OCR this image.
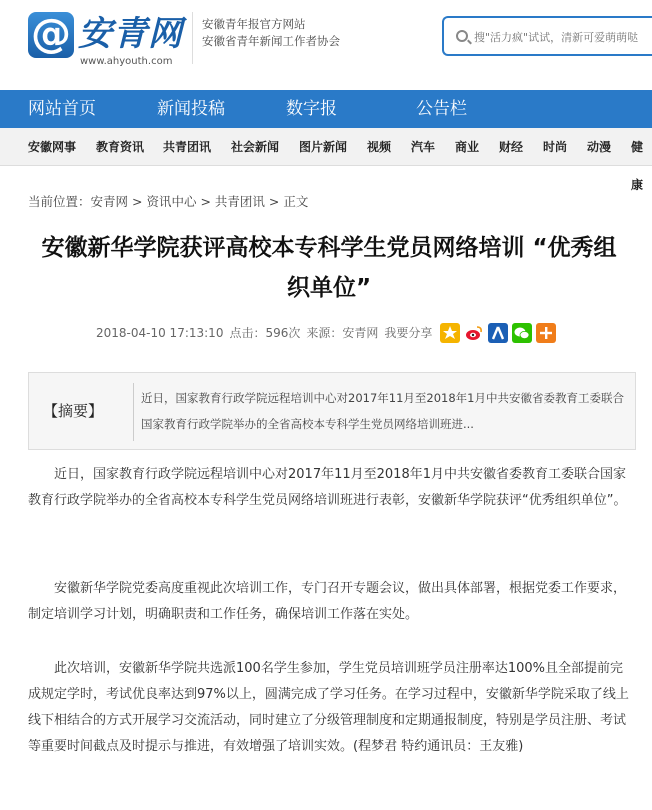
@ 安青网
www.ahyouth.com
安徽青年报官方网站
安徽省青年新闻工作者协会
搜"活力疯"试试，清新可爱萌萌哒
网站首页	新闻投稿	数字报	公告栏
安徽网事 教育资讯 共青团讯 社会新闻 图片新闻 视频 汽车 商业 财经 时尚 动漫 健康
当前位置：安青网 > 资讯中心 > 共青团讯 > 正文
安徽新华学院获评高校本专科学生党员网络培训 “优秀组织单位”
2018-04-10 17:13:10 点击：596次 来源：安青网 我要分享
【摘要】
近日，国家教育行政学院远程培训中心对2017年11月至2018年1月中共安徽省委教育工委联合国家教育行政学院举办的全省高校本专科学生党员网络培训班进...
近日，国家教育行政学院远程培训中心对2017年11月至2018年1月中共安徽省委教育工委联合国家教育行政学院举办的全省高校本专科学生党员网络培训班进行表彰，安徽新华学院获评“优秀组织单位”。
安徽新华学院党委高度重视此次培训工作，专门召开专题会议，做出具体部署，根据党委工作要求，制定培训学习计划，明确职责和工作任务，确保培训工作落在实处。
此次培训，安徽新华学院共选派100名学生参加，学生党员培训班学员注册率达100%且全部提前完成规定学时，考试优良率达到97%以上，圆满完成了学习任务。在学习过程中，安徽新华学院采取了线上线下相结合的方式开展学习交流活动，同时建立了分级管理制度和定期通报制度，特别是学员注册、考试等重要时间截点及时提示与推进，有效增强了培训实效。(程梦君 特约通讯员：王友雅)
